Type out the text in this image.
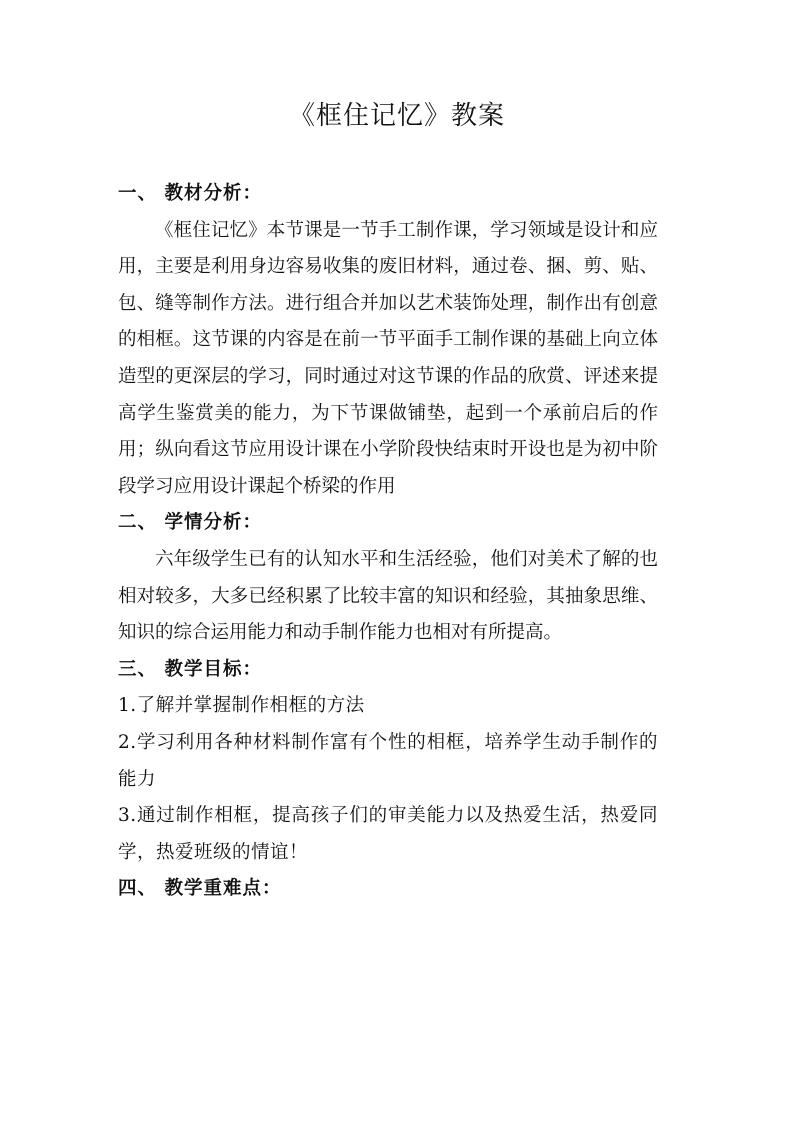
《框住记忆》教案

一、 教材分析：

《框住记忆》本节课是一节手工制作课，学习领域是设计和应用，主要是利用身边容易收集的废旧材料，通过卷、捆、剪、贴、包、缝等制作方法。进行组合并加以艺术装饰处理，制作出有创意的相框。这节课的内容是在前一节平面手工制作课的基础上向立体造型的更深层的学习，同时通过对这节课的作品的欣赏、评述来提高学生鉴赏美的能力，为下节课做铺垫，起到一个承前启后的作用；纵向看这节应用设计课在小学阶段快结束时开设也是为初中阶段学习应用设计课起个桥梁的作用

二、 学情分析：

六年级学生已有的认知水平和生活经验，他们对美术了解的也相对较多，大多已经积累了比较丰富的知识和经验，其抽象思维、知识的综合运用能力和动手制作能力也相对有所提高。

三、 教学目标：

1.了解并掌握制作相框的方法

2.学习利用各种材料制作富有个性的相框，培养学生动手制作的能力

3.通过制作相框，提高孩子们的审美能力以及热爱生活，热爱同学，热爱班级的情谊！

四、 教学重难点：
